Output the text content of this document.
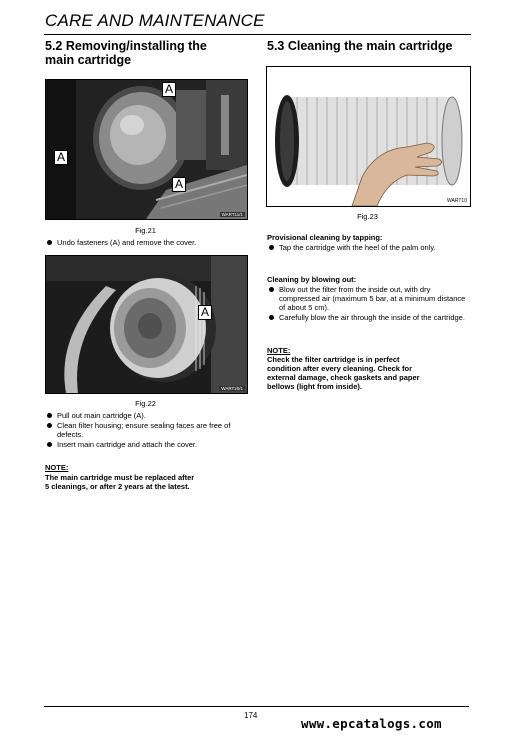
CARE AND MAINTENANCE
5.2 Removing/installing the
main cartridge
A
A
A
WART11/1
Fig.21
Undo fasteners (A) and remove the cover.
A
WART20/1
Fig.22
Pull out main cartridge (A).
Clean filter housing; ensure sealing faces are free of defects.
Insert main cartridge and attach the cover.
NOTE:
The main cartridge must be replaced after
5 cleanings, or after 2 years at the latest.
5.3 Cleaning the main cartridge
WART10
Fig.23
Provisional cleaning by tapping:
Tap the cartridge with the heel of the palm only.
Cleaning by blowing out:
Blow out the filter from the inside out, with dry compressed air (maximum 5 bar, at a minimum distance of about 5 cm).
Carefully blow the air through the inside of the cartridge.
NOTE:
Check the filter cartridge is in perfect
condition after every cleaning. Check for
external damage, check gaskets and paper
bellows (light from inside).
174
www.epcatalogs.com
